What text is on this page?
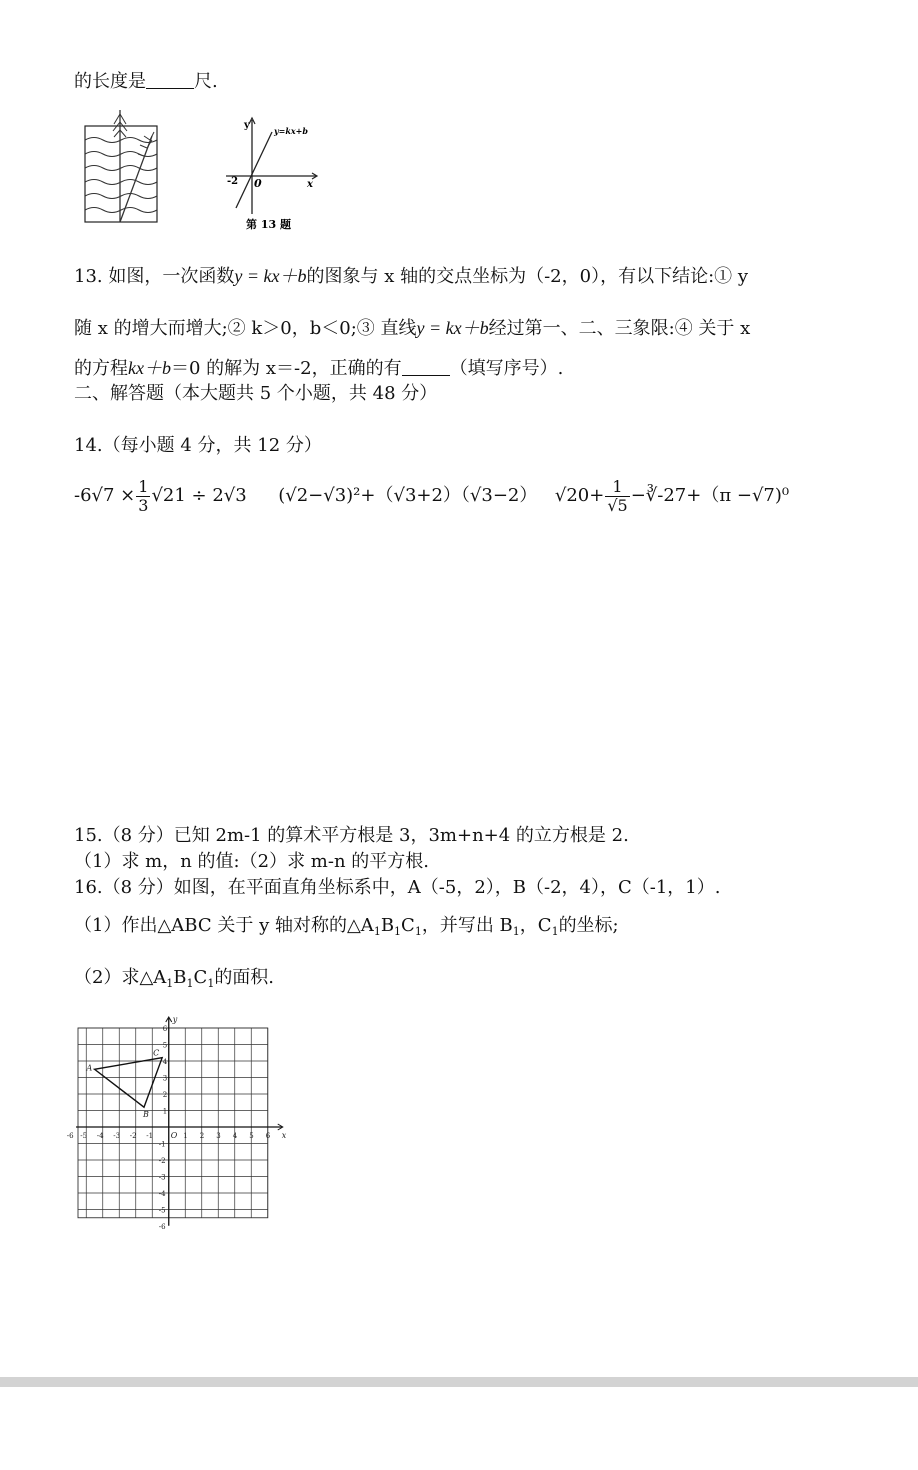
的长度是	尺.
y	y=kx+b
-2 0	x
第 13 题
13. 如图，一次函数y = kx＋b的图象与 x 轴的交点坐标为（-2，0），有以下结论:① y
随 x 的增大而增大;② k＞0，b＜0;③ 直线y = kx＋b经过第一、二、三象限:④ 关于 x
的方程kx＋b＝0 的解为 x＝-2，正确的有	（填写序号）.
二、解答题（本大题共 5 个小题，共 48 分）
14.（每小题 4 分，共 12 分）
$-6√7 \times \frac{1}{3} √21 \div 2√3$ (√2−√3)²+（√3+2）（√3−2） $√20+ \frac{1}{√5}$ −∛-27+（π −√7)⁰
15.（8 分）已知 2m-1 的算术平方根是 3，3m+n+4 的立方根是 2.
（1）求 m，n 的值:（2）求 m-n 的平方根.
16.（8 分）如图，在平面直角坐标系中，A（-5，2），B（-2，4），C（-1，1）.
（1）作出△ABC 关于 y 轴对称的$\triangle A_1B_1C_1$，并写出 $B_1$，$C_1$的坐标;
（2）求$\triangle A_1B_1C_1$的面积.
-6 -5 -4 -3 -2 -1 O 1 2 3 4 5 6
6
5
4
3
2
1
-1
-2
-3
-4
-5
-6
x
y
A
B
C
